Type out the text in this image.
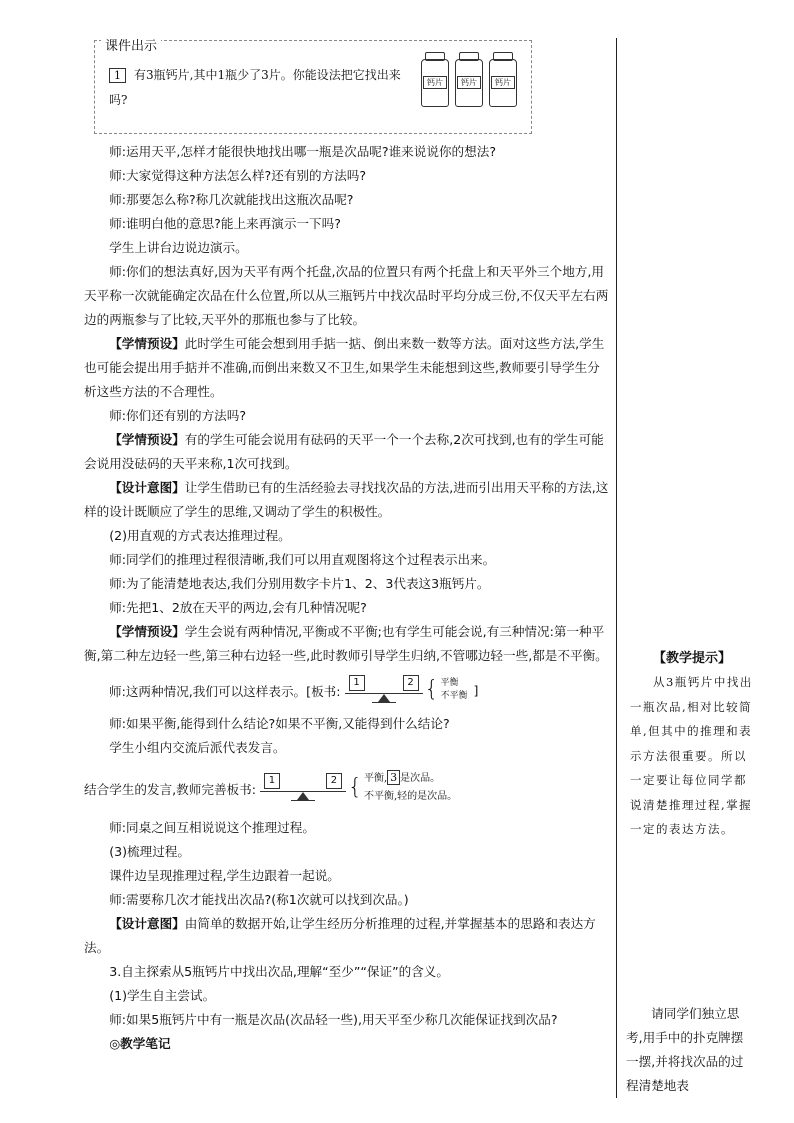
课件出示
1 有3瓶钙片,其中1瓶少了3片。你能设法把它找出来吗?
钙片	钙片	钙片

师:运用天平,怎样才能很快地找出哪一瓶是次品呢?谁来说说你的想法?

师:大家觉得这种方法怎么样?还有别的方法吗?

师:那要怎么称?称几次就能找出这瓶次品呢?

师:谁明白他的意思?能上来再演示一下吗?

学生上讲台边说边演示。

师:你们的想法真好,因为天平有两个托盘,次品的位置只有两个托盘上和天平外三个地方,用天平称一次就能确定次品在什么位置,所以从三瓶钙片中找次品时平均分成三份,不仅天平左右两边的两瓶参与了比较,天平外的那瓶也参与了比较。

【学情预设】此时学生可能会想到用手掂一掂、倒出来数一数等方法。面对这些方法,学生也可能会提出用手掂并不准确,而倒出来数又不卫生,如果学生未能想到这些,教师要引导学生分析这些方法的不合理性。

师:你们还有别的方法吗?

【学情预设】有的学生可能会说用有砝码的天平一个一个去称,2次可找到,也有的学生可能会说用没砝码的天平来称,1次可找到。

【设计意图】让学生借助已有的生活经验去寻找找次品的方法,进而引出用天平称的方法,这样的设计既顺应了学生的思维,又调动了学生的积极性。

(2)用直观的方式表达推理过程。

师:同学们的推理过程很清晰,我们可以用直观图将这个过程表示出来。

师:为了能清楚地表达,我们分别用数字卡片1、2、3代表这3瓶钙片。

师:先把1、2放在天平的两边,会有几种情况呢?

【学情预设】学生会说有两种情况,平衡或不平衡;也有学生可能会说,有三种情况:第一种平衡,第二种左边轻一些,第三种右边轻一些,此时教师引导学生归纳,不管哪边轻一些,都是不平衡。

师:这两种情况,我们可以这样表示。[板书:
1	2 { 平衡
不平衡 ]

师:如果平衡,能得到什么结论?如果不平衡,又能得到什么结论?

学生小组内交流后派代表发言。

结合学生的发言,教师完善板书:
1	2 { 平衡, 3 是次品。
不平衡,轻的是次品。

师:同桌之间互相说说这个推理过程。

(3)梳理过程。

课件边呈现推理过程,学生边跟着一起说。

师:需要称几次才能找出次品?(称1次就可以找到次品。)

【设计意图】由简单的数据开始,让学生经历分析推理的过程,并掌握基本的思路和表达方法。

3.自主探索从5瓶钙片中找出次品,理解“至少”“保证”的含义。

(1)学生自主尝试。

师:如果5瓶钙片中有一瓶是次品(次品轻一些),用天平至少称几次能保证找到次品?

◎教学笔记

【教学提示】
从3瓶钙片中找出一瓶次品,相对比较简单,但其中的推理和表示方法很重要。所以一定要让每位同学都说清楚推理过程,掌握一定的表达方法。
请同学们独立思考,用手中的扑克牌摆一摆,并将找次品的过程清楚地表
